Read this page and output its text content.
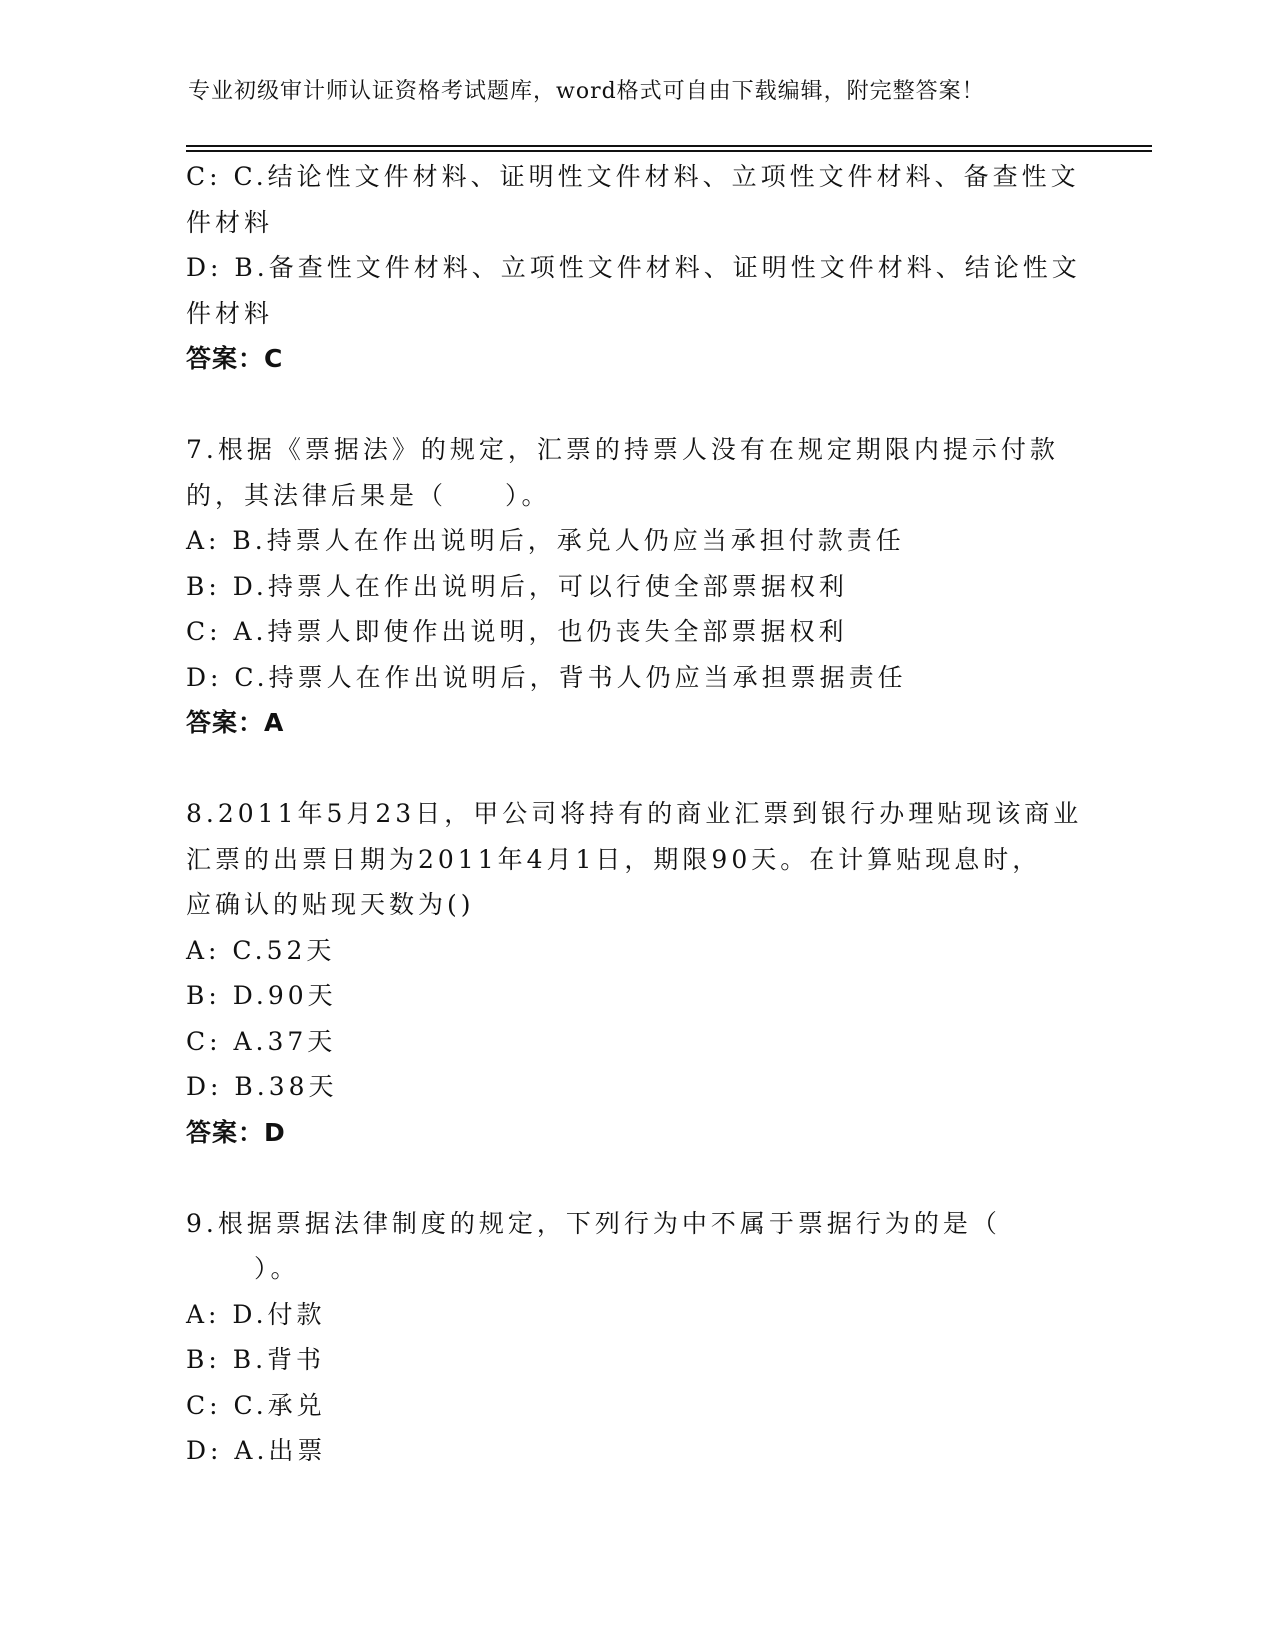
专业初级审计师认证资格考试题库，word格式可自由下载编辑，附完整答案！
C: C.结论性文件材料、证明性文件材料、立项性文件材料、备查性文
件材料
D: B.备查性文件材料、立项性文件材料、证明性文件材料、结论性文
件材料
答案：C
7.根据《票据法》的规定，汇票的持票人没有在规定期限内提示付款
的，其法律后果是（　　）。
A: B.持票人在作出说明后，承兑人仍应当承担付款责任
B: D.持票人在作出说明后，可以行使全部票据权利
C: A.持票人即使作出说明，也仍丧失全部票据权利
D: C.持票人在作出说明后，背书人仍应当承担票据责任
答案：A
8.2011年5月23日，甲公司将持有的商业汇票到银行办理贴现该商业
汇票的出票日期为2011年4月1日，期限90天。在计算贴现息时，
应确认的贴现天数为()
A: C.52天
B: D.90天
C: A.37天
D: B.38天
答案：D
9.根据票据法律制度的规定，下列行为中不属于票据行为的是（
）。
A: D.付款
B: B.背书
C: C.承兑
D: A.出票
